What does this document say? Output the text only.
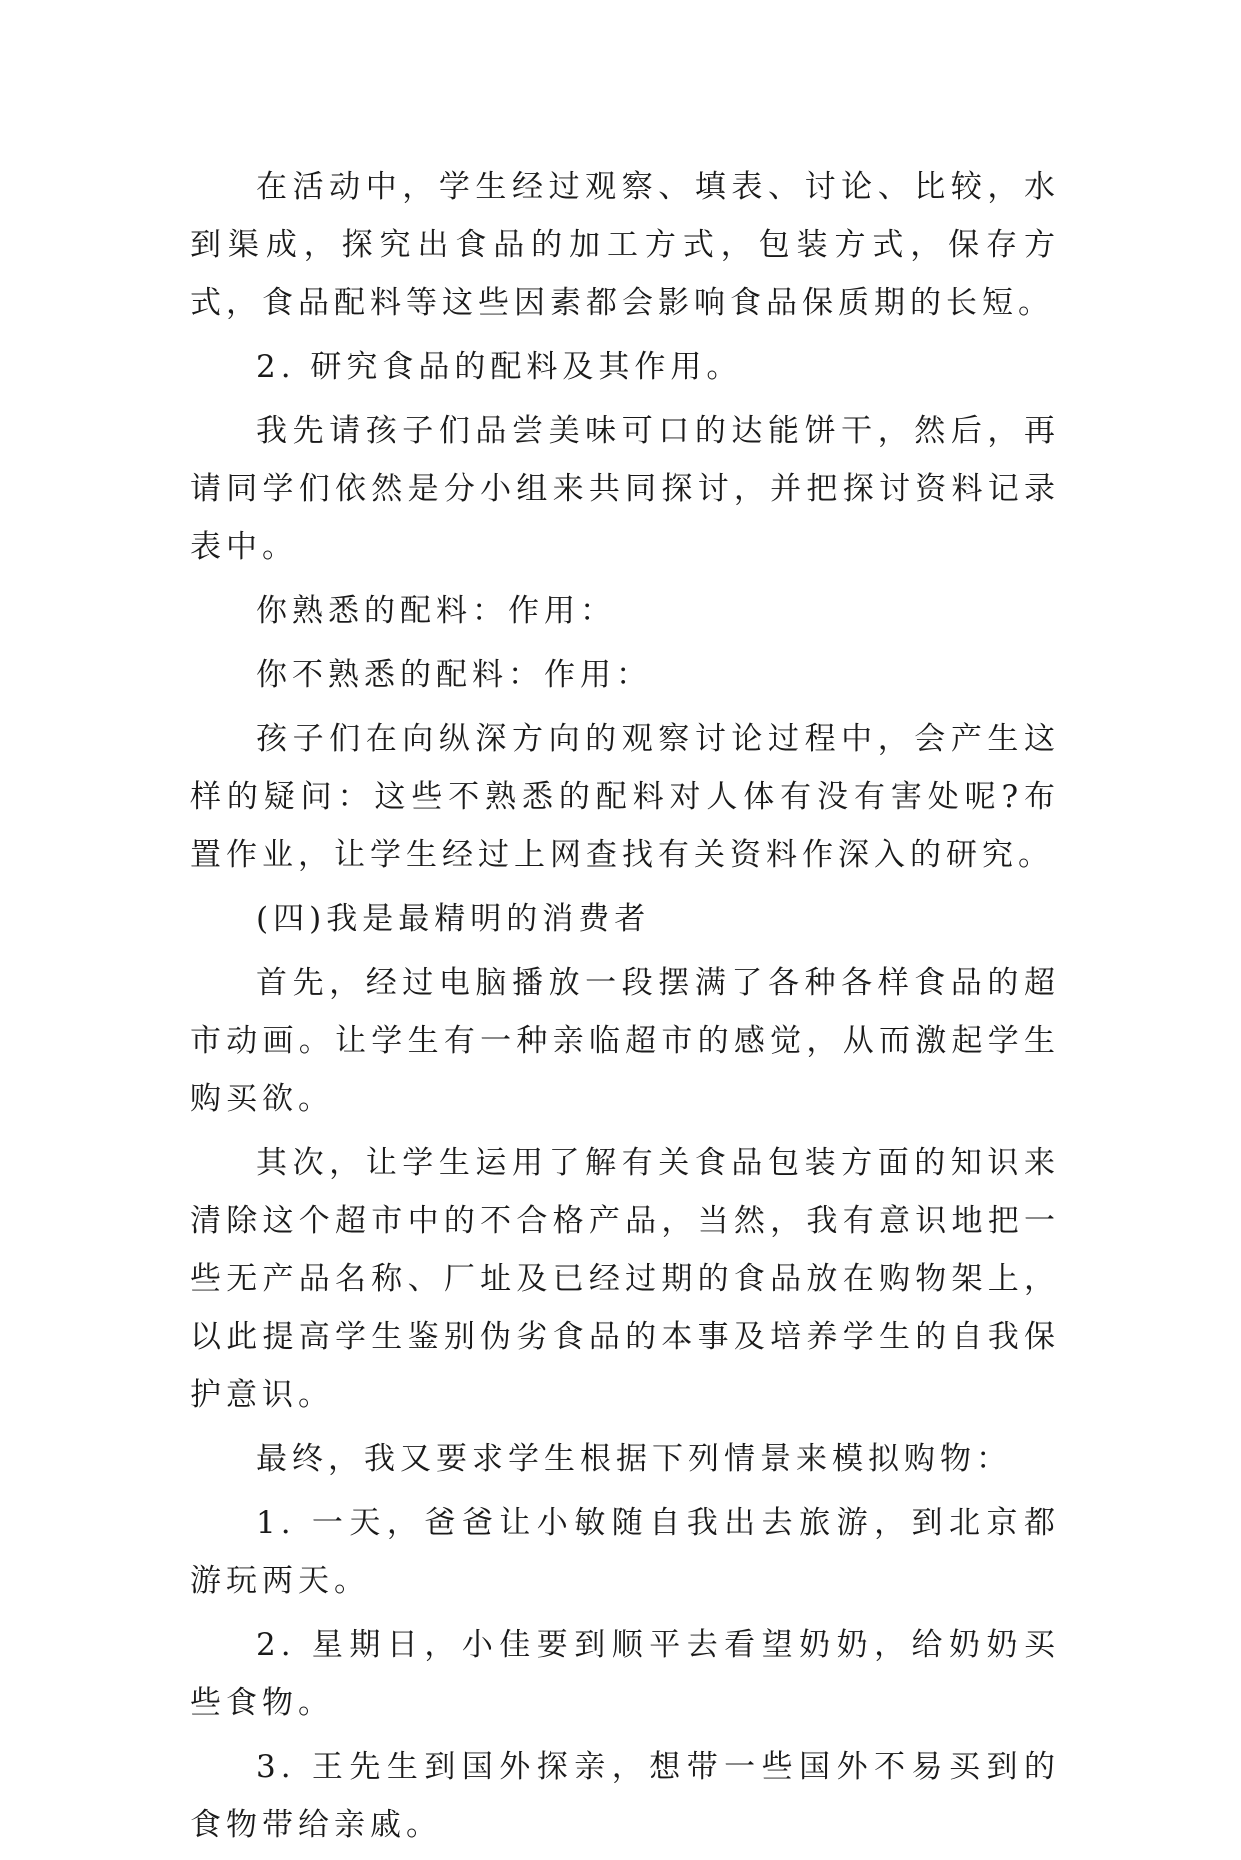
在活动中，学生经过观察、填表、讨论、比较，水到渠成，探究出食品的加工方式，包装方式，保存方式，食品配料等这些因素都会影响食品保质期的长短。

2. 研究食品的配料及其作用。

我先请孩子们品尝美味可口的达能饼干，然后，再请同学们依然是分小组来共同探讨，并把探讨资料记录表中。

你熟悉的配料：作用：

你不熟悉的配料：作用：

孩子们在向纵深方向的观察讨论过程中，会产生这样的疑问：这些不熟悉的配料对人体有没有害处呢?布置作业，让学生经过上网查找有关资料作深入的研究。

(四)我是最精明的消费者

首先，经过电脑播放一段摆满了各种各样食品的超市动画。让学生有一种亲临超市的感觉，从而激起学生购买欲。

其次，让学生运用了解有关食品包装方面的知识来清除这个超市中的不合格产品，当然，我有意识地把一些无产品名称、厂址及已经过期的食品放在购物架上，以此提高学生鉴别伪劣食品的本事及培养学生的自我保护意识。

最终，我又要求学生根据下列情景来模拟购物：

1. 一天，爸爸让小敏随自我出去旅游，到北京都游玩两天。

2. 星期日，小佳要到顺平去看望奶奶，给奶奶买些食物。

3. 王先生到国外探亲，想带一些国外不易买到的食物带给亲戚。
